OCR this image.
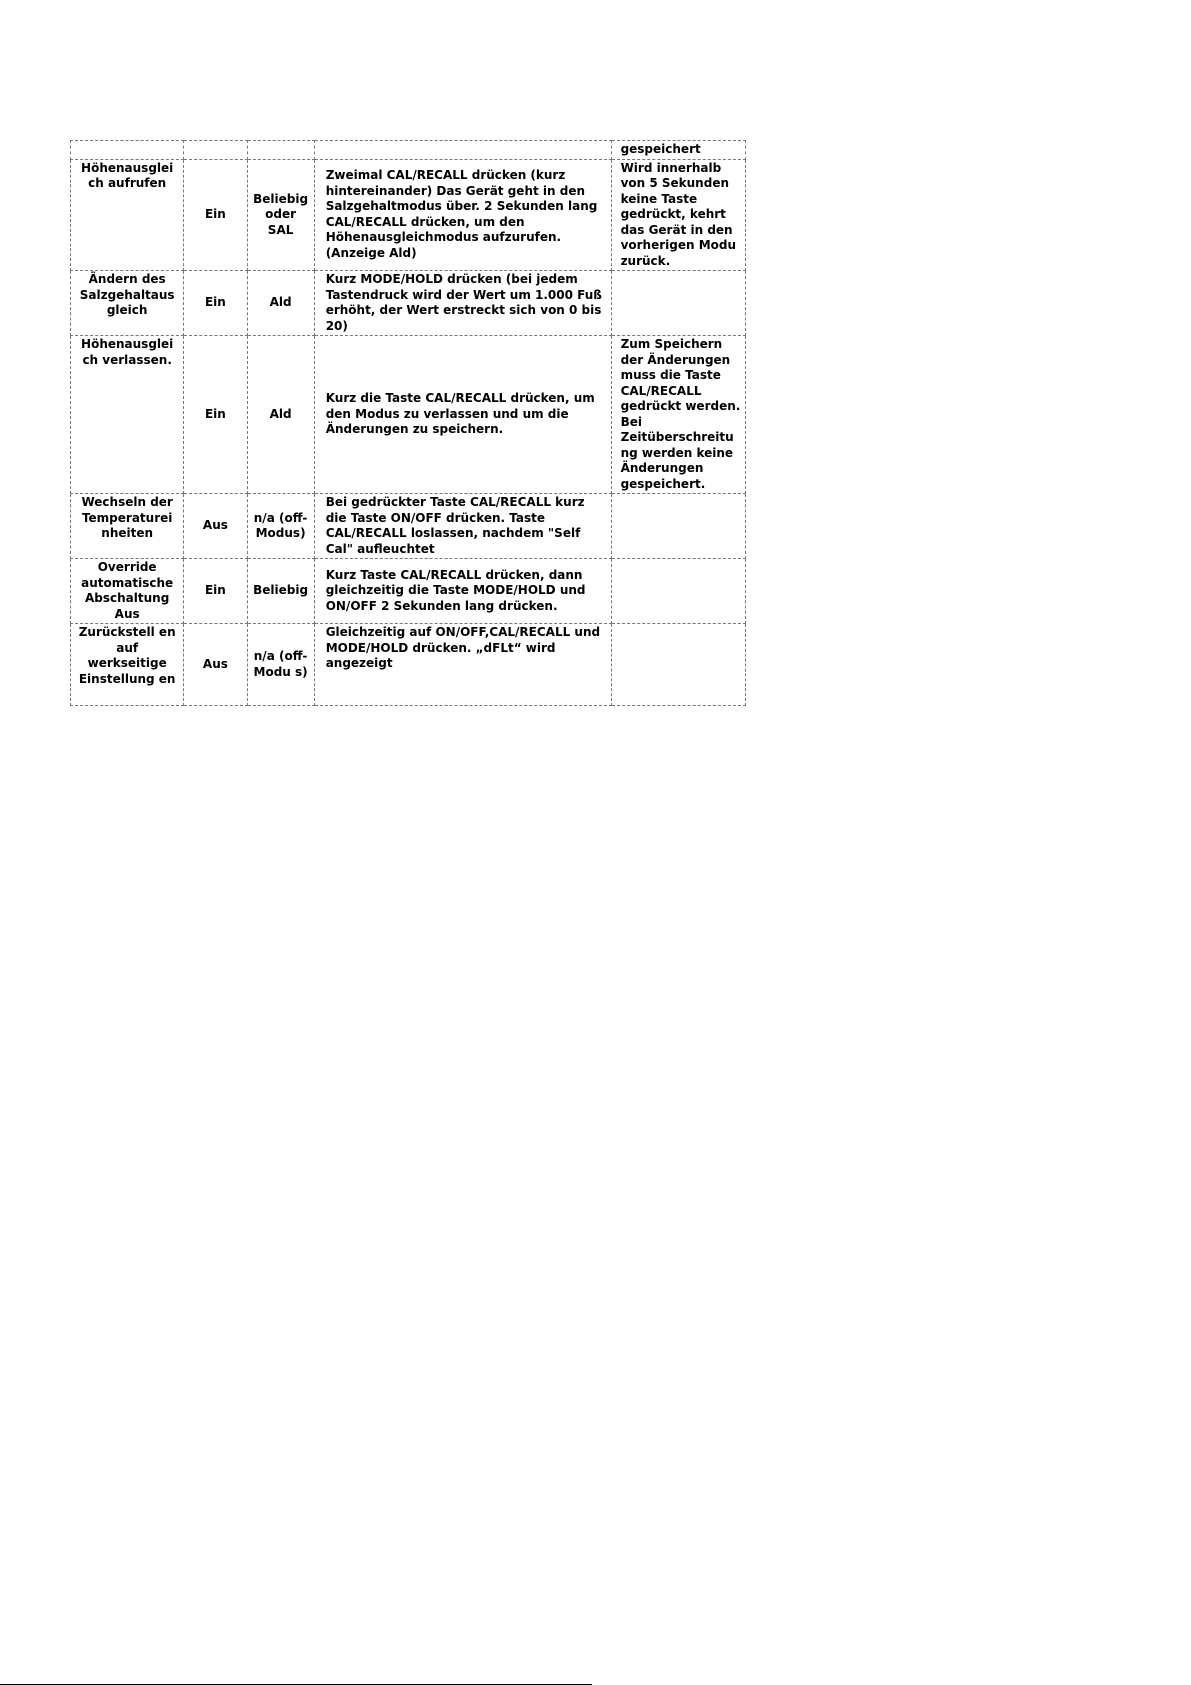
				gespeichert
Höhenausglei ch aufrufen	Ein	Beliebig oder SAL	Zweimal CAL/RECALL drücken (kurz hintereinander) Das Gerät geht in den Salzgehaltmodus über. 2 Sekunden lang CAL/RECALL drücken, um den Höhenausgleichmodus aufzurufen. (Anzeige Ald)	Wird innerhalb von 5 Sekunden keine Taste gedrückt, kehrt das Gerät in den vorherigen Modu zurück.
Ändern des Salzgehaltaus gleich	Ein	Ald	Kurz MODE/HOLD drücken (bei jedem Tastendruck wird der Wert um 1.000 Fuß erhöht, der Wert erstreckt sich von 0 bis 20)	
Höhenausglei ch verlassen.	Ein	Ald	Kurz die Taste CAL/RECALL drücken, um den Modus zu verlassen und um die Änderungen zu speichern.	Zum Speichern der Änderungen muss die Taste CAL/RECALL gedrückt werden. Bei Zeitüberschreitu ng werden keine Änderungen gespeichert.
Wechseln der Temperaturei nheiten	Aus	n/a (off-Modus)	Bei gedrückter Taste CAL/RECALL kurz die Taste ON/OFF drücken. Taste CAL/RECALL loslassen, nachdem "Self Cal" aufleuchtet	
Override automatische Abschaltung Aus	Ein	Beliebig	Kurz Taste CAL/RECALL drücken, dann gleichzeitig die Taste MODE/HOLD und ON/OFF 2 Sekunden lang drücken.	
Zurückstell en auf werkseitige Einstellung en	Aus	n/a (off-Modu s)	Gleichzeitig auf ON/OFF,CAL/RECALL und MODE/HOLD drücken. „dFLt“ wird angezeigt	
